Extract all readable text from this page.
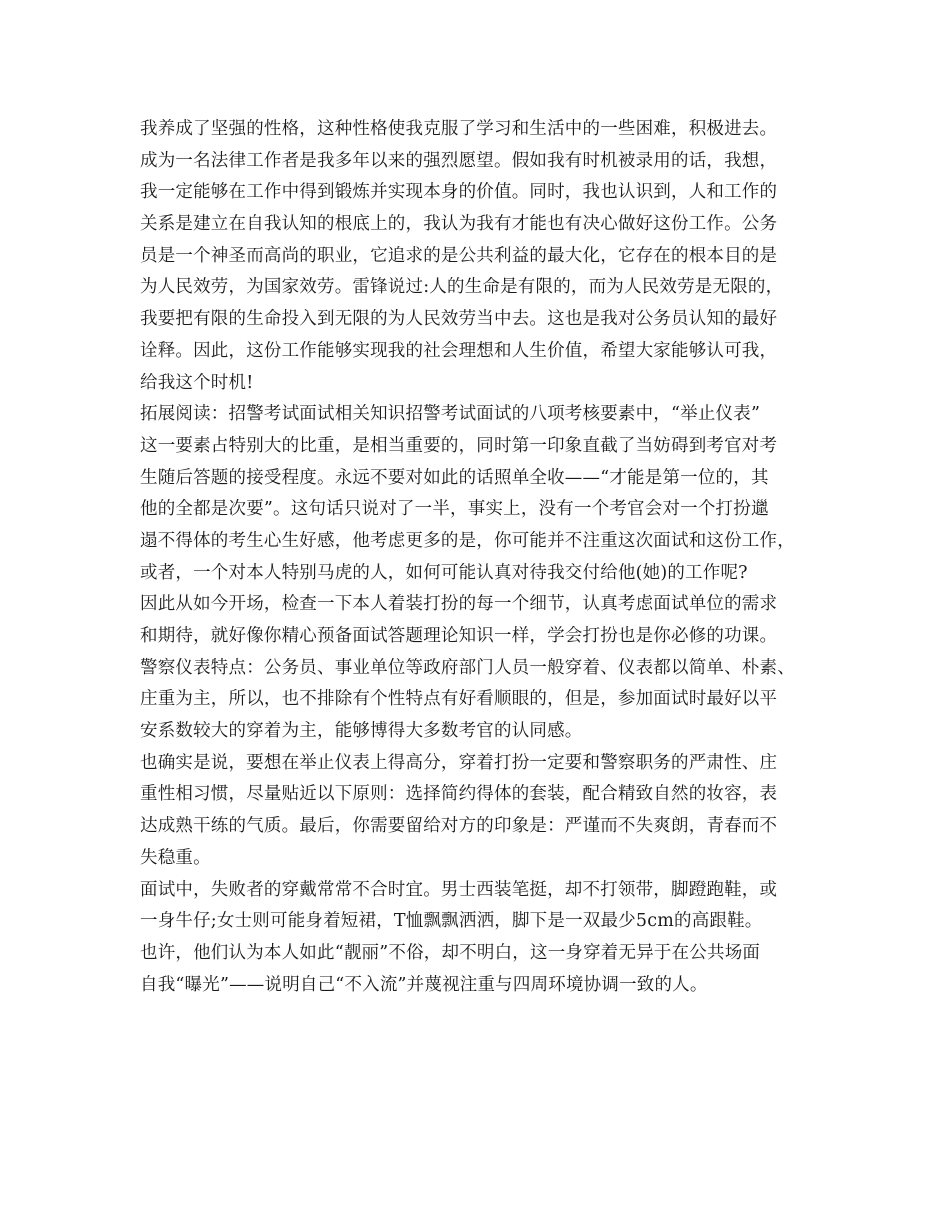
我养成了坚强的性格，这种性格使我克服了学习和生活中的一些困难，积极进去。
成为一名法律工作者是我多年以来的强烈愿望。假如我有时机被录用的话，我想，
我一定能够在工作中得到锻炼并实现本身的价值。同时，我也认识到，人和工作的
关系是建立在自我认知的根底上的，我认为我有才能也有决心做好这份工作。公务
员是一个神圣而高尚的职业，它追求的是公共利益的最大化，它存在的根本目的是
为人民效劳，为国家效劳。雷锋说过:人的生命是有限的，而为人民效劳是无限的，
我要把有限的生命投入到无限的为人民效劳当中去。这也是我对公务员认知的最好
诠释。因此，这份工作能够实现我的社会理想和人生价值，希望大家能够认可我，
给我这个时机!
拓展阅读：招警考试面试相关知识招警考试面试的八项考核要素中，“举止仪表”
这一要素占特别大的比重，是相当重要的，同时第一印象直截了当妨碍到考官对考
生随后答题的接受程度。永远不要对如此的话照单全收——“才能是第一位的，其
他的全都是次要”。这句话只说对了一半，事实上，没有一个考官会对一个打扮邋
遢不得体的考生心生好感，他考虑更多的是，你可能并不注重这次面试和这份工作，
或者，一个对本人特别马虎的人，如何可能认真对待我交付给他(她)的工作呢?
因此从如今开场，检查一下本人着装打扮的每一个细节，认真考虑面试单位的需求
和期待，就好像你精心预备面试答题理论知识一样，学会打扮也是你必修的功课。
警察仪表特点：公务员、事业单位等政府部门人员一般穿着、仪表都以简单、朴素、
庄重为主，所以，也不排除有个性特点有好看顺眼的，但是，参加面试时最好以平
安系数较大的穿着为主，能够博得大多数考官的认同感。
也确实是说，要想在举止仪表上得高分，穿着打扮一定要和警察职务的严肃性、庄
重性相习惯，尽量贴近以下原则：选择简约得体的套装，配合精致自然的妆容，表
达成熟干练的气质。最后，你需要留给对方的印象是：严谨而不失爽朗，青春而不
失稳重。
面试中，失败者的穿戴常常不合时宜。男士西装笔挺，却不打领带，脚蹬跑鞋，或
一身牛仔;女士则可能身着短裙，T恤飘飘洒洒，脚下是一双最少5cm的高跟鞋。
也许，他们认为本人如此“靓丽”不俗，却不明白，这一身穿着无异于在公共场面
自我“曝光”——说明自己“不入流”并蔑视注重与四周环境协调一致的人。
